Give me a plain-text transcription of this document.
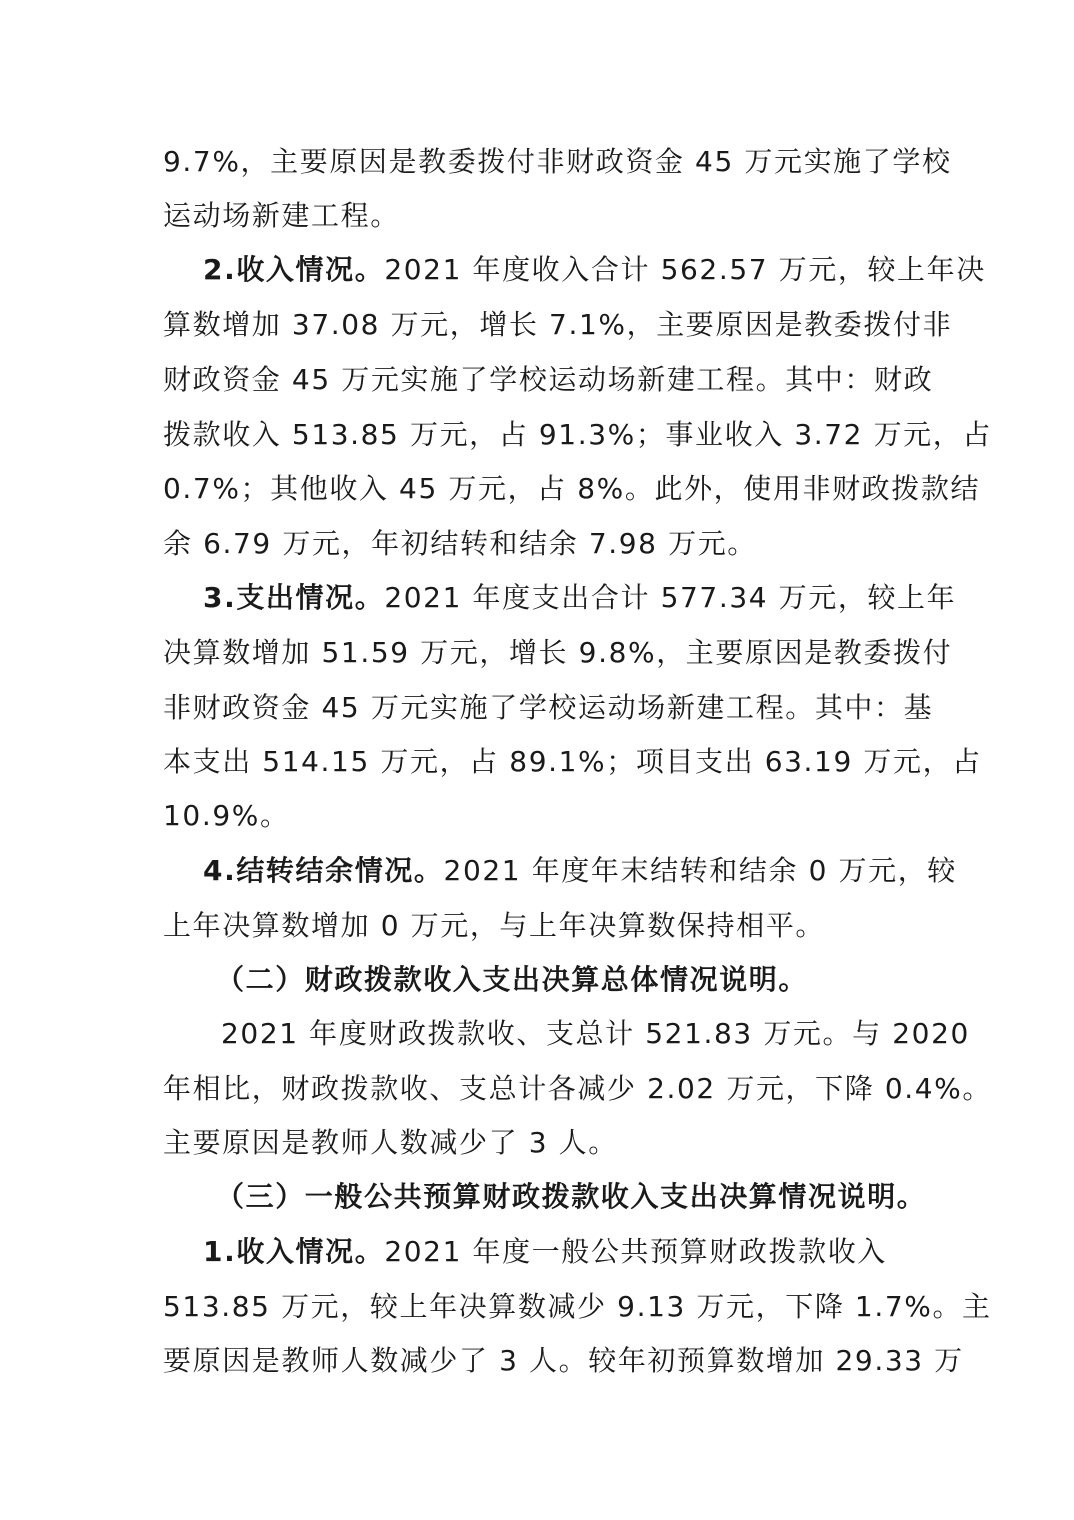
9.7%，主要原因是教委拨付非财政资金 45 万元实施了学校
运动场新建工程。
2.收入情况。2021 年度收入合计 562.57 万元，较上年决
算数增加 37.08 万元，增长 7.1%，主要原因是教委拨付非
财政资金 45 万元实施了学校运动场新建工程。其中：财政
拨款收入 513.85 万元，占 91.3%；事业收入 3.72 万元，占
0.7%；其他收入 45 万元，占 8%。此外，使用非财政拨款结
余 6.79 万元，年初结转和结余 7.98 万元。
3.支出情况。2021 年度支出合计 577.34 万元，较上年
决算数增加 51.59 万元，增长 9.8%，主要原因是教委拨付
非财政资金 45 万元实施了学校运动场新建工程。其中：基
本支出 514.15 万元，占 89.1%；项目支出 63.19 万元，占
10.9%。
4.结转结余情况。2021 年度年末结转和结余 0 万元，较
上年决算数增加 0 万元，与上年决算数保持相平。
（二）财政拨款收入支出决算总体情况说明。
2021 年度财政拨款收、支总计 521.83 万元。与 2020
年相比，财政拨款收、支总计各减少 2.02 万元，下降 0.4%。
主要原因是教师人数减少了 3 人。
（三）一般公共预算财政拨款收入支出决算情况说明。
1.收入情况。2021 年度一般公共预算财政拨款收入
513.85 万元，较上年决算数减少 9.13 万元，下降 1.7%。主
要原因是教师人数减少了 3 人。较年初预算数增加 29.33 万
